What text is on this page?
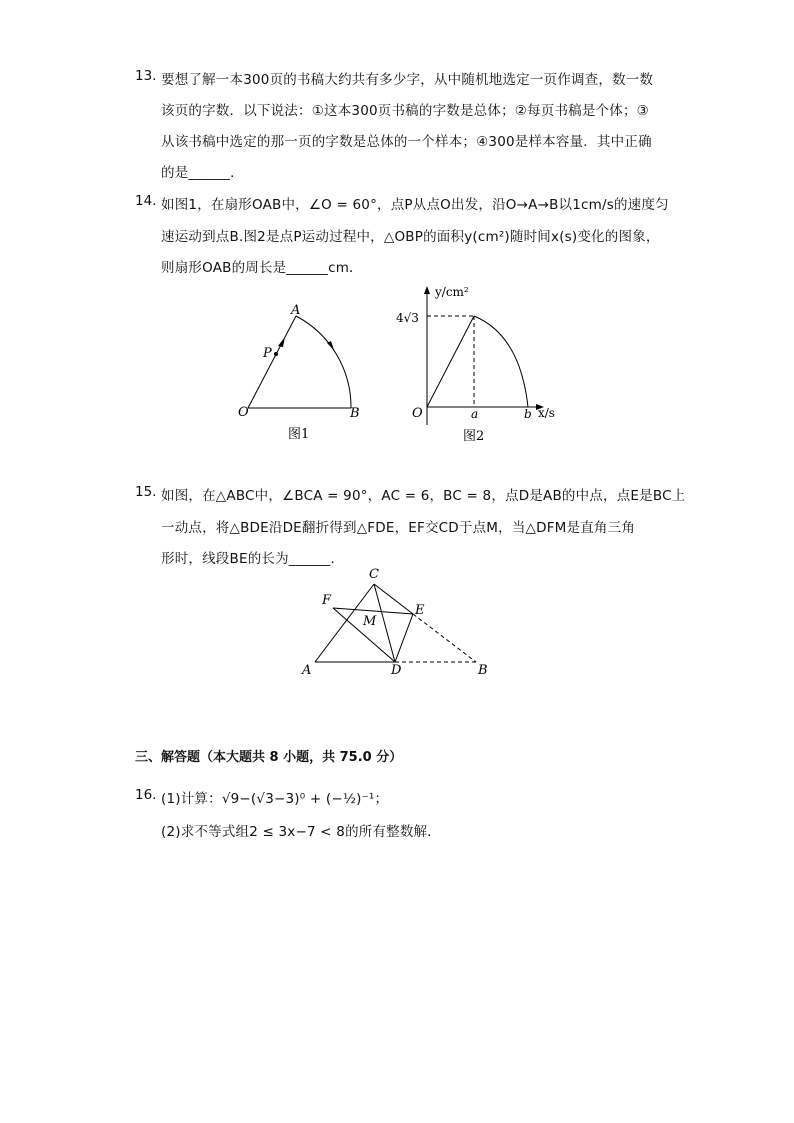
13. 要想了解一本300页的书稿大约共有多少字，从中随机地选定一页作调查，数一数
该页的字数．以下说法：①这本300页书稿的字数是总体；②每页书稿是个体；③
从该书稿中选定的那一页的字数是总体的一个样本；④300是样本容量．其中正确
的是______．
14. 如图1，在扇形OAB中，∠O = 60°，点P从点O出发，沿O→A→B以1cm/s的速度匀
速运动到点B.图2是点P运动过程中，△OBP的面积y(cm²)随时间x(s)变化的图象，
则扇形OAB的周长是______cm．
A
P
O	B
图1
y/cm²
4√3
O	a	b x/s
图2
15. 如图，在△ABC中，∠BCA = 90°，AC = 6，BC = 8，点D是AB的中点，点E是BC上
一动点，将△BDE沿DE翻折得到△FDE，EF交CD于点M，当△DFM是直角三角
形时，线段BE的长为______．
C
F
E
M
A	D	B
三、解答题（本大题共 8 小题，共 75.0 分）
16. (1)计算：√9−(√3−3)⁰ + (−½)⁻¹；
(2)求不等式组2 ≤ 3x−7 < 8的所有整数解．
